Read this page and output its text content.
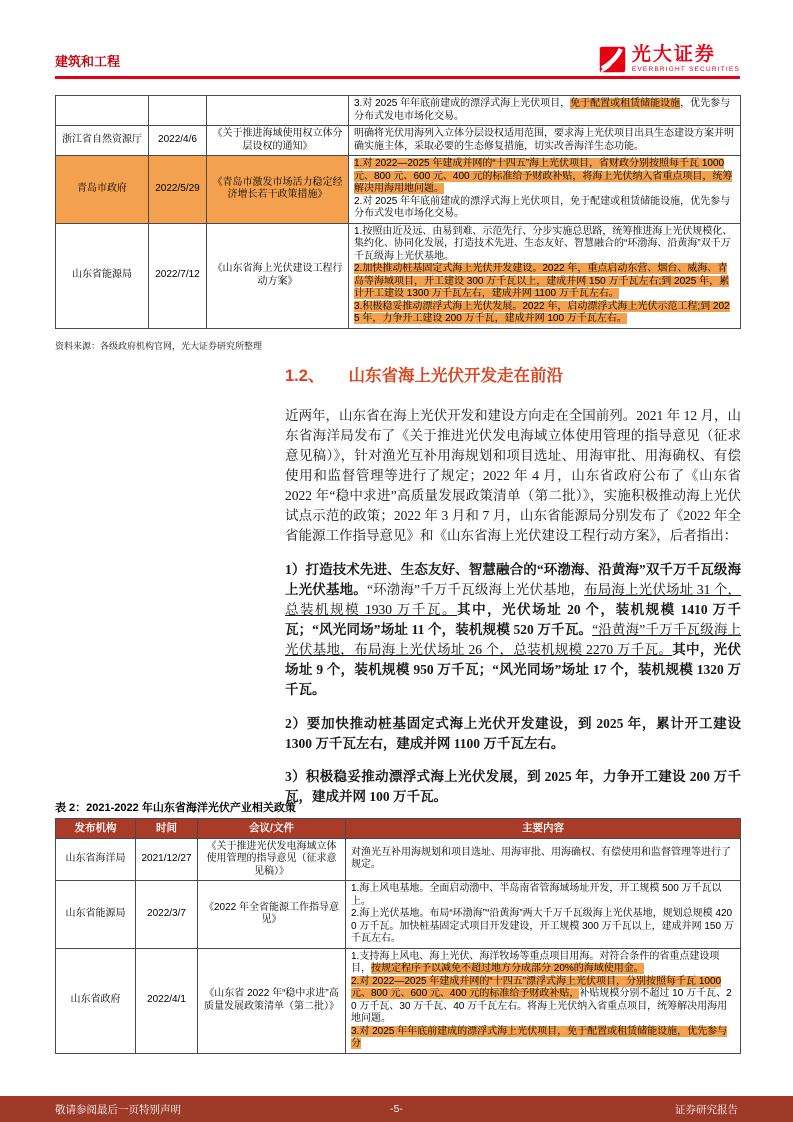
建筑和工程	光大证券
EVERBRIGHT SECURITIES
			3.对 2025 年年底前建成的漂浮式海上光伏项目，免于配置或租赁储能设施，优先参与分布式发电市场化交易。
浙江省自然资源厅	2022/4/6	《关于推进海域使用权立体分层设权的通知》	明确将光伏用海列入立体分层设权适用范围，要求海上光伏项目出具生态建设方案并明确实施主体，采取必要的生态修复措施，切实改善海洋生态功能。
青岛市政府	2022/5/29	《青岛市激发市场活力稳定经济增长若干政策措施》	1.对 2022—2025 年建成并网的“十四五”海上光伏项目，省财政分别按照每千瓦 1000 元、800 元、600 元、400 元的标准给予财政补贴，将海上光伏纳入省重点项目，统筹解决用海用地问题。
2.对 2025 年年底前建成的漂浮式海上光伏项目，免于配建或租赁储能设施，优先参与分布式发电市场化交易。
山东省能源局	2022/7/12	《山东省海上光伏建设工程行动方案》	1.按照由近及远、由易到难、示范先行、分步实施总思路，统筹推进海上光伏规模化、集约化、协同化发展，打造技术先进、生态友好、智慧融合的“环渤海、沿黄海”双千万千瓦级海上光伏基地。
2.加快推动桩基固定式海上光伏开发建设。2022 年，重点启动东营、烟台、威海、青岛等海域项目，开工建设 300 万千瓦以上，建成并网 150 万千瓦左右;到 2025 年，累计开工建设 1300 万千瓦左右，建成并网 1100 万千瓦左右。
3.积极稳妥推动漂浮式海上光伏发展。2022 年，启动漂浮式海上光伏示范工程;到 2025 年，力争开工建设 200 万千瓦，建成并网 100 万千瓦左右。
资料来源：各级政府机构官网，光大证券研究所整理
1.2、 山东省海上光伏开发走在前沿

近两年，山东省在海上光伏开发和建设方向走在全国前列。2021 年 12 月，山东省海洋局发布了《关于推进光伏发电海域立体使用管理的指导意见（征求意见稿）》，针对渔光互补用海规划和项目选址、用海审批、用海确权、有偿使用和监督管理等进行了规定；2022 年 4 月，山东省政府公布了《山东省 2022 年“稳中求进”高质量发展政策清单（第二批）》，实施积极推动海上光伏试点示范的政策；2022 年 3 月和 7 月，山东省能源局分别发布了《2022 年全省能源工作指导意见》和《山东省海上光伏建设工程行动方案》，后者指出：

1）打造技术先进、生态友好、智慧融合的“环渤海、沿黄海”双千万千瓦级海上光伏基地。“环渤海”千万千瓦级海上光伏基地，布局海上光伏场址 31 个，总装机规模 1930 万千瓦。其中，光伏场址 20 个，装机规模 1410 万千瓦；“风光同场”场址 11 个，装机规模 520 万千瓦。“沿黄海”千万千瓦级海上光伏基地，布局海上光伏场址 26 个，总装机规模 2270 万千瓦。其中，光伏场址 9 个，装机规模 950 万千瓦；“风光同场”场址 17 个，装机规模 1320 万千瓦。

2）要加快推动桩基固定式海上光伏开发建设，到 2025 年，累计开工建设 1300 万千瓦左右，建成并网 1100 万千瓦左右。

3）积极稳妥推动漂浮式海上光伏发展，到 2025 年，力争开工建设 200 万千瓦，建成并网 100 万千瓦。

表 2：2021-2022 年山东省海洋光伏产业相关政策
发布机构	时间	会议/文件	主要内容
山东省海洋局	2021/12/27	《关于推进光伏发电海域立体使用管理的指导意见（征求意见稿）》	对渔光互补用海规划和项目选址、用海审批、用海确权、有偿使用和监督管理等进行了规定。
山东省能源局	2022/3/7	《2022 年全省能源工作指导意见》	1.海上风电基地。全面启动渤中、半岛南省管海域场址开发，开工规模 500 万千瓦以上。
2.海上光伏基地。布局“环渤海”“沿黄海”两大千万千瓦级海上光伏基地，规划总规模 4200 万千瓦。加快桩基固定式项目开发建设，开工规模 300 万千瓦以上，建成并网 150 万千瓦左右。
山东省政府	2022/4/1	《山东省 2022 年“稳中求进”高质量发展政策清单（第二批）》	1.支持海上风电、海上光伏、海洋牧场等重点项目用海。对符合条件的省重点建设项目，按规定程序予以减免不超过地方分成部分 20%的海域使用金。
2.对 2022—2025 年建成并网的“十四五”漂浮式海上光伏项目，分别按照每千瓦 1000 元、800 元、600 元、400 元的标准给予财政补贴，补贴规模分别不超过 10 万千瓦、20 万千瓦、30 万千瓦、40 万千瓦左右。将海上光伏纳入省重点项目，统筹解决用海用地问题。
3.对 2025 年年底前建成的漂浮式海上光伏项目，免于配置或租赁储能设施，优先参与分
敬请参阅最后一页特别声明	-5-	证券研究报告
